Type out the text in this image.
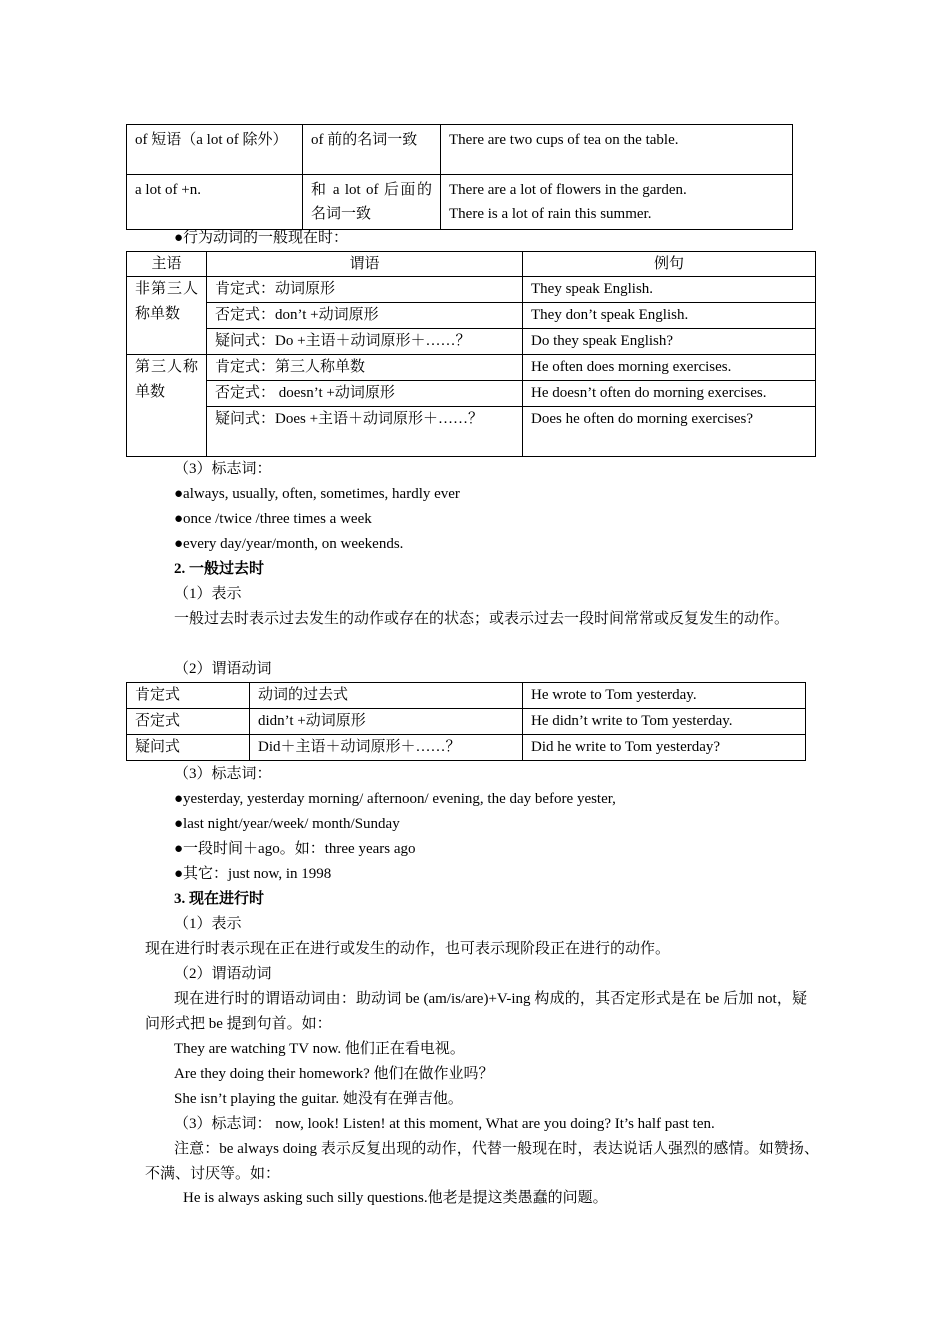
of 短语（a lot of 除外）	of 前的名词一致	There are two cups of tea on the table.
a lot of +n.	和 a lot of 后面的名词一致	There are a lot of flowers in the garden.
There is a lot of rain this summer.
●行为动词的一般现在时：
主语	谓语	例句
非第三人称单数	肯定式：动词原形	They speak English.
	否定式：don’t +动词原形	They don’t speak English.
	疑问式：Do +主语＋动词原形＋……？	Do they speak English?
第三人称单数	肯定式：第三人称单数	He often does morning exercises.
	否定式： doesn’t +动词原形	He doesn’t often do morning exercises.
	疑问式：Does +主语＋动词原形＋……？	Does he often do morning exercises?
（3）标志词：
●always, usually, often, sometimes, hardly ever
●once /twice /three times a week
●every day/year/month, on weekends.
2. 一般过去时
（1）表示
一般过去时表示过去发生的动作或存在的状态；或表示过去一段时间常常或反复发生的动作。
（2）谓语动词
肯定式	动词的过去式	He wrote to Tom yesterday.
否定式	didn’t +动词原形	He didn’t write to Tom yesterday.
疑问式	Did＋主语＋动词原形＋……？	Did he write to Tom yesterday?
（3）标志词：
●yesterday, yesterday morning/ afternoon/ evening, the day before yester,
●last night/year/week/ month/Sunday
●一段时间＋ago。如：three years ago
●其它：just now, in 1998
3. 现在进行时
（1）表示
现在进行时表示现在正在进行或发生的动作，也可表示现阶段正在进行的动作。
（2）谓语动词
现在进行时的谓语动词由：助动词 be (am/is/are)+V-ing 构成的，其否定形式是在 be 后加 not，疑问形式把 be 提到句首。如：
They are watching TV now. 他们正在看电视。
Are they doing their homework? 他们在做作业吗？
She isn’t playing the guitar. 她没有在弹吉他。
（3）标志词： now, look! Listen! at this moment, What are you doing? It’s half past ten.
注意：be always doing 表示反复出现的动作，代替一般现在时，表达说话人强烈的感情。如赞扬、不满、讨厌等。如：
He is always asking such silly questions.他老是提这类愚蠢的问题。
